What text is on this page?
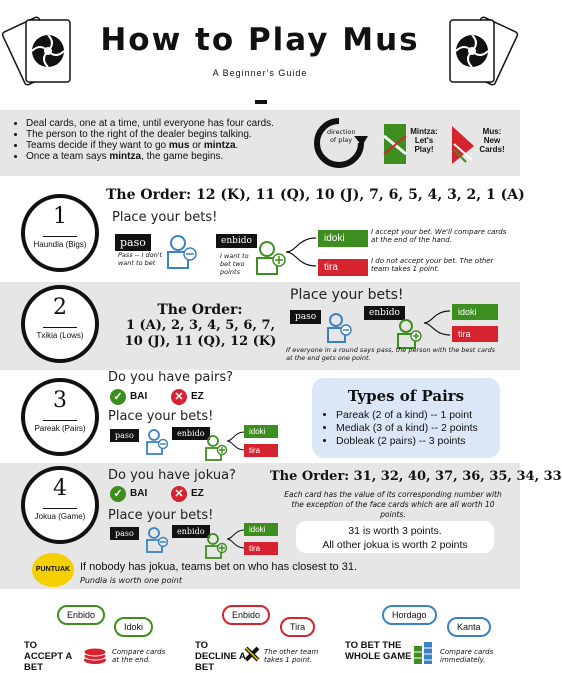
How to Play Mus
A Beginner's Guide
• Deal cards, one at a time, until everyone has four cards.
• The person to the right of the dealer begins talking.
• Teams decide if they want to go mus or mintza.
• Once a team says mintza, the game begins.
direction of play
Mintza: Let's Play!
Mus: New Cards!
1
Haundia (Bigs)
The Order: 12 (K), 11 (Q), 10 (J), 7, 6, 5, 4, 3, 2, 1 (A)
Place your bets!
paso
Pass -- I don't want to bet
enbido
I want to bet two points
idoki
tira
I accept your bet. We'll compare cards at the end of the hand.
I do not accept your bet. The other team takes 1 point.
2
Txikia (Lows)
The Order:
1 (A), 2, 3, 4, 5, 6, 7,
10 (J), 11 (Q), 12 (K)
Place your bets!
paso	enbido	idoki
tira
If everyone in a round says pass, the person with the best cards at the end gets one point.
3
Pareak (Pairs)
Do you have pairs?
✓ BAI	✕ EZ
Place your bets!
paso	enbido	idoki
tira
Types of Pairs
• Pareak (2 of a kind) -- 1 point
• Mediak (3 of a kind) -- 2 points
• Dobleak (2 pairs) -- 3 points
4
Jokua (Game)
Do you have jokua?
✓ BAI	✕ EZ
Place your bets!
paso	enbido	idoki
tira
The Order: 31, 32, 40, 37, 36, 35, 34, 33
Each card has the value of its corresponding number with the exception of the face cards which are all worth 10 points.
31 is worth 3 points.
All other jokua is worth 2 points
PUNTUAK If nobody has jokua, teams bet on who has closest to 31.
Pundia is worth one point
Enbido
Idoki
TO ACCEPT A BET
Compare cards at the end.
Enbido
Tira
TO DECLINE A BET
The other team takes 1 point.
Hordago
Kanta
TO BET THE WHOLE GAME	Compare cards immediately.
